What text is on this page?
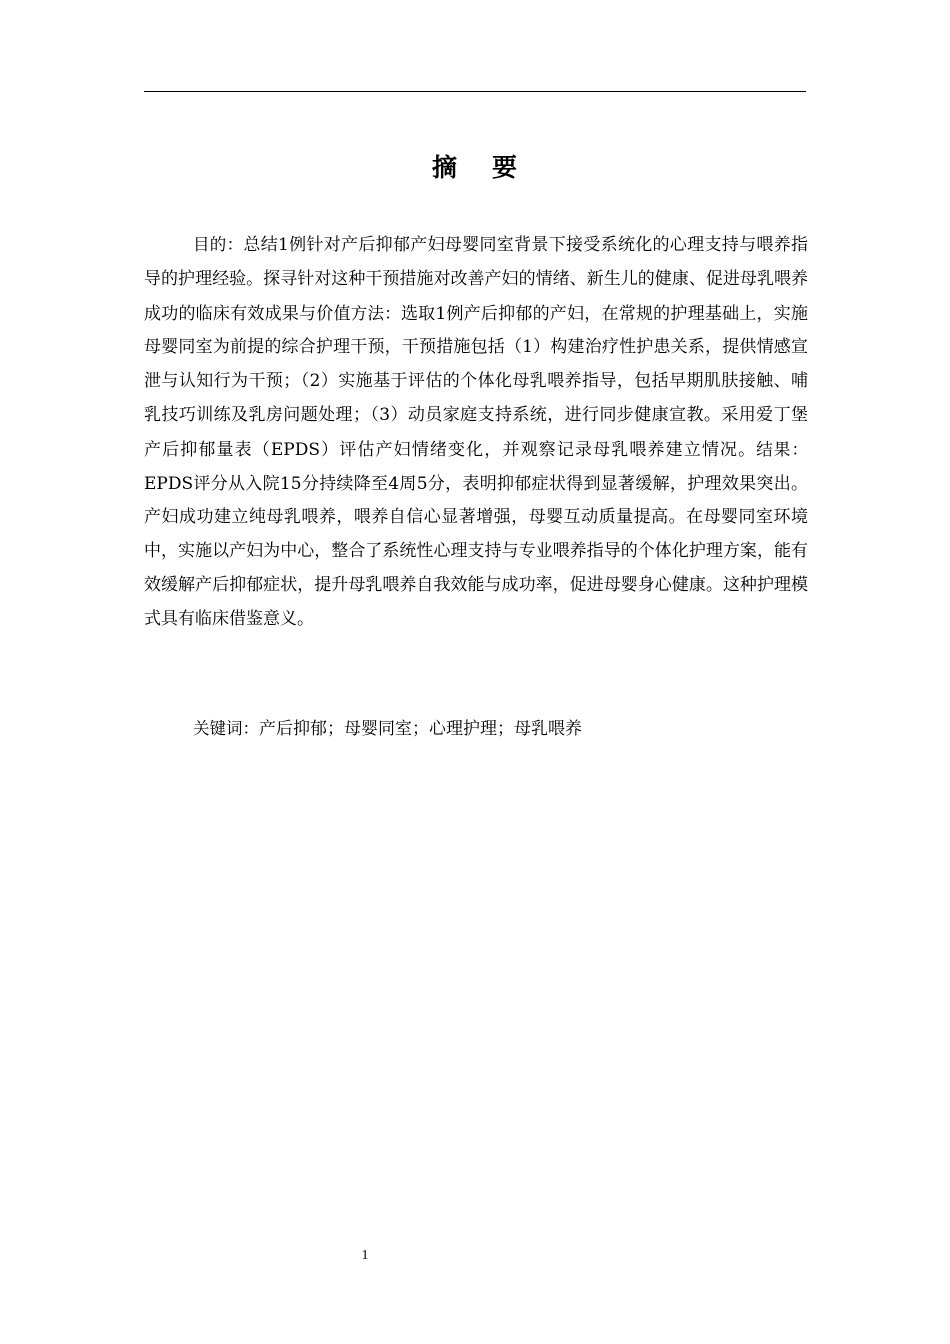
摘 要

目的：总结1例针对产后抑郁产妇母婴同室背景下接受系统化的心理支持与喂养指导的护理经验。探寻针对这种干预措施对改善产妇的情绪、新生儿的健康、促进母乳喂养成功的临床有效成果与价值方法：选取1例产后抑郁的产妇，在常规的护理基础上，实施母婴同室为前提的综合护理干预，干预措施包括（1）构建治疗性护患关系，提供情感宣泄与认知行为干预；（2）实施基于评估的个体化母乳喂养指导，包括早期肌肤接触、哺乳技巧训练及乳房问题处理；（3）动员家庭支持系统，进行同步健康宣教。采用爱丁堡产后抑郁量表（EPDS）评估产妇情绪变化，并观察记录母乳喂养建立情况。结果：EPDS评分从入院15分持续降至4周5分，表明抑郁症状得到显著缓解，护理效果突出。产妇成功建立纯母乳喂养，喂养自信心显著增强，母婴互动质量提高。在母婴同室环境中，实施以产妇为中心，整合了系统性心理支持与专业喂养指导的个体化护理方案，能有效缓解产后抑郁症状，提升母乳喂养自我效能与成功率，促进母婴身心健康。这种护理模式具有临床借鉴意义。

关键词：产后抑郁；母婴同室；心理护理；母乳喂养
1
